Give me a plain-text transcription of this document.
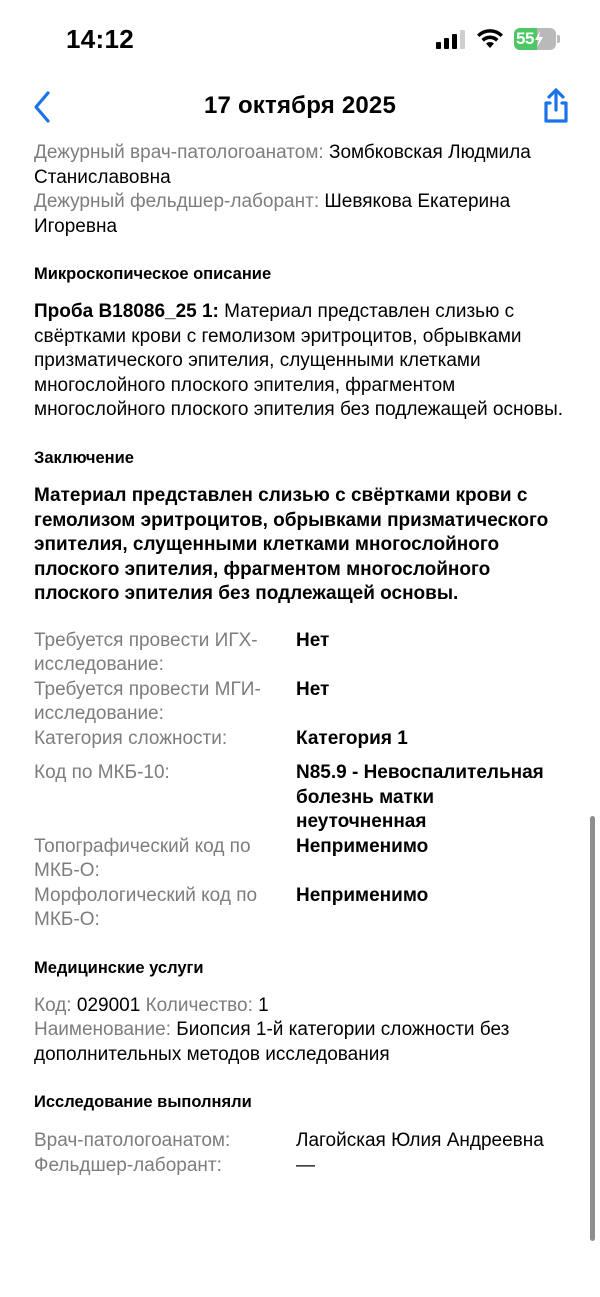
14:12	55
17 октября 2025
Дежурный врач-патологоанатом: Зомбковская Людмила Станиславовна
Дежурный фельдшер-лаборант: Шевякова Екатерина Игоревна
Микроскопическое описание
Проба B18086_25 1: Материал представлен слизью с свёртками крови с гемолизом эритроцитов, обрывками призматического эпителия, слущенными клетками многослойного плоского эпителия, фрагментом многослойного плоского эпителия без подлежащей основы.
Заключение
Материал представлен слизью с свёртками крови с гемолизом эритроцитов, обрывками призматического эпителия, слущенными клетками многослойного плоского эпителия, фрагментом многослойного плоского эпителия без подлежащей основы.
Требуется провести ИГХ-исследование:
Нет
Требуется провести МГИ-исследование:
Нет
Категория сложности:	Категория 1
Код по МКБ-10:	N85.9 - Невоспалительная болезнь матки неуточненная
Топографический код по МКБ-О:
Неприменимо
Морфологический код по МКБ-О:
Неприменимо
Медицинские услуги
Код: 029001 Количество: 1
Наименование: Биопсия 1-й категории сложности без дополнительных методов исследования
Исследование выполняли
Врач-патологоанатом:	Лагойская Юлия Андреевна
Фельдшер-лаборант:	—
